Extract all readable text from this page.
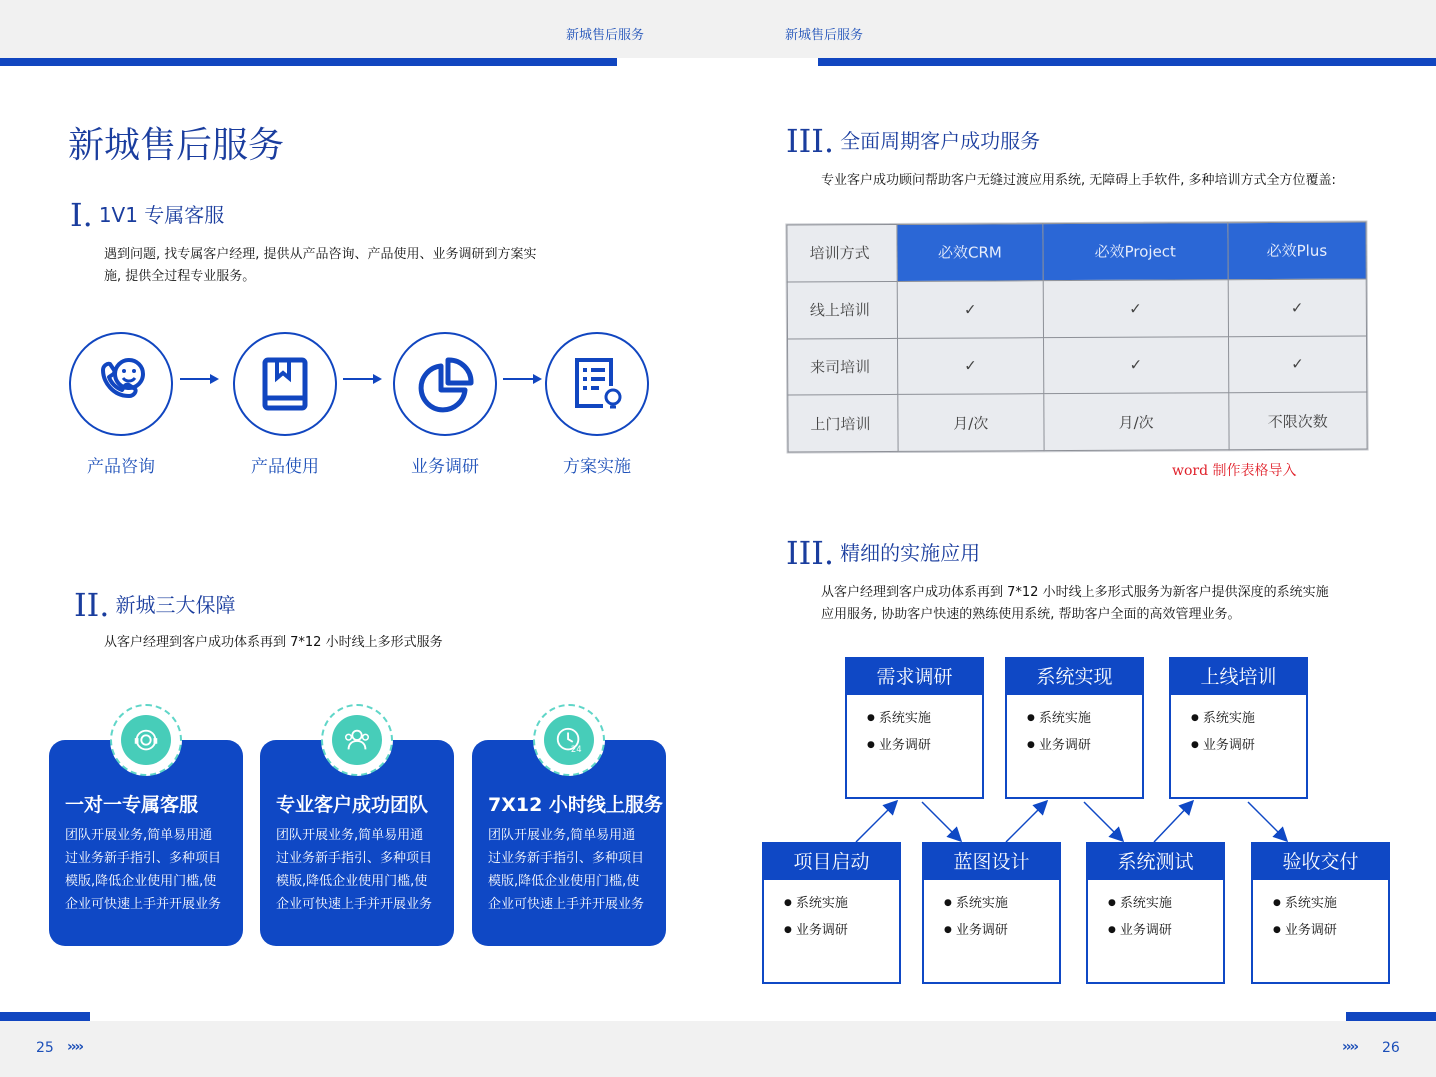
新城售后服务	新城售后服务
25 ››››	›››› 26
新城售后服务
I. 1V1 专属客服
遇到问题, 找专属客户经理, 提供从产品咨询、产品使用、业务调研到方案实
施, 提供全过程专业服务。
产品咨询	产品使用	业务调研	方案实施
II. 新城三大保障
从客户经理到客户成功体系再到 7*12 小时线上多形式服务
一对一专属客服
团队开展业务,简单易用通
过业务新手指引、多种项目
模版,降低企业使用门槛,使
企业可快速上手并开展业务
专业客户成功团队
团队开展业务,简单易用通
过业务新手指引、多种项目
模版,降低企业使用门槛,使
企业可快速上手并开展业务
7X12 小时线上服务
团队开展业务,简单易用通
过业务新手指引、多种项目
模版,降低企业使用门槛,使
企业可快速上手并开展业务
24
III. 全面周期客户成功服务
专业客户成功顾问帮助客户无缝过渡应用系统, 无障碍上手软件, 多种培训方式全方位覆盖:
培训方式	必效CRM	必效Project	必效Plus
线上培训	✓	✓	✓
来司培训	✓	✓	✓
上门培训	月/次	月/次	不限次数
word 制作表格导入
III. 精细的实施应用
从客户经理到客户成功体系再到 7*12 小时线上多形式服务为新客户提供深度的系统实施
应用服务, 协助客户快速的熟练使用系统, 帮助客户全面的高效管理业务。
需求调研
● 系统实施
● 业务调研
系统实现
● 系统实施
● 业务调研
上线培训
● 系统实施
● 业务调研
项目启动
● 系统实施
● 业务调研
蓝图设计
● 系统实施
● 业务调研
系统测试
● 系统实施
● 业务调研
验收交付
● 系统实施
● 业务调研
